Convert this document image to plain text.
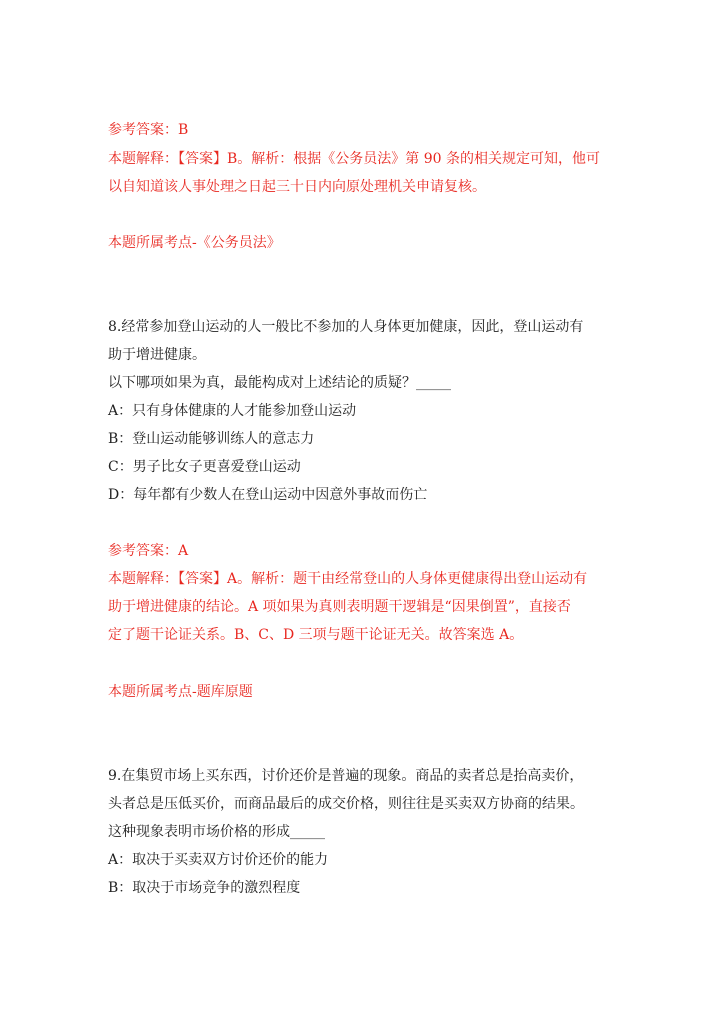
参考答案：B
本题解释：【答案】B。解析：根据《公务员法》第 90 条的相关规定可知，他可
以自知道该人事处理之日起三十日内向原处理机关申请复核。
本题所属考点-《公务员法》
8.经常参加登山运动的人一般比不参加的人身体更加健康，因此，登山运动有
助于增进健康。
以下哪项如果为真，最能构成对上述结论的质疑？_____
A：只有身体健康的人才能参加登山运动
B：登山运动能够训练人的意志力
C：男子比女子更喜爱登山运动
D：每年都有少数人在登山运动中因意外事故而伤亡
参考答案：A
本题解释：【答案】A。解析：题干由经常登山的人身体更健康得出登山运动有
助于增进健康的结论。A 项如果为真则表明题干逻辑是“因果倒置”，直接否
定了题干论证关系。B、C、D 三项与题干论证无关。故答案选 A。
本题所属考点-题库原题
9.在集贸市场上买东西，讨价还价是普遍的现象。商品的卖者总是抬高卖价，
头者总是压低买价，而商品最后的成交价格，则往往是买卖双方协商的结果。
这种现象表明市场价格的形成_____
A：取决于买卖双方讨价还价的能力
B：取决于市场竞争的激烈程度
